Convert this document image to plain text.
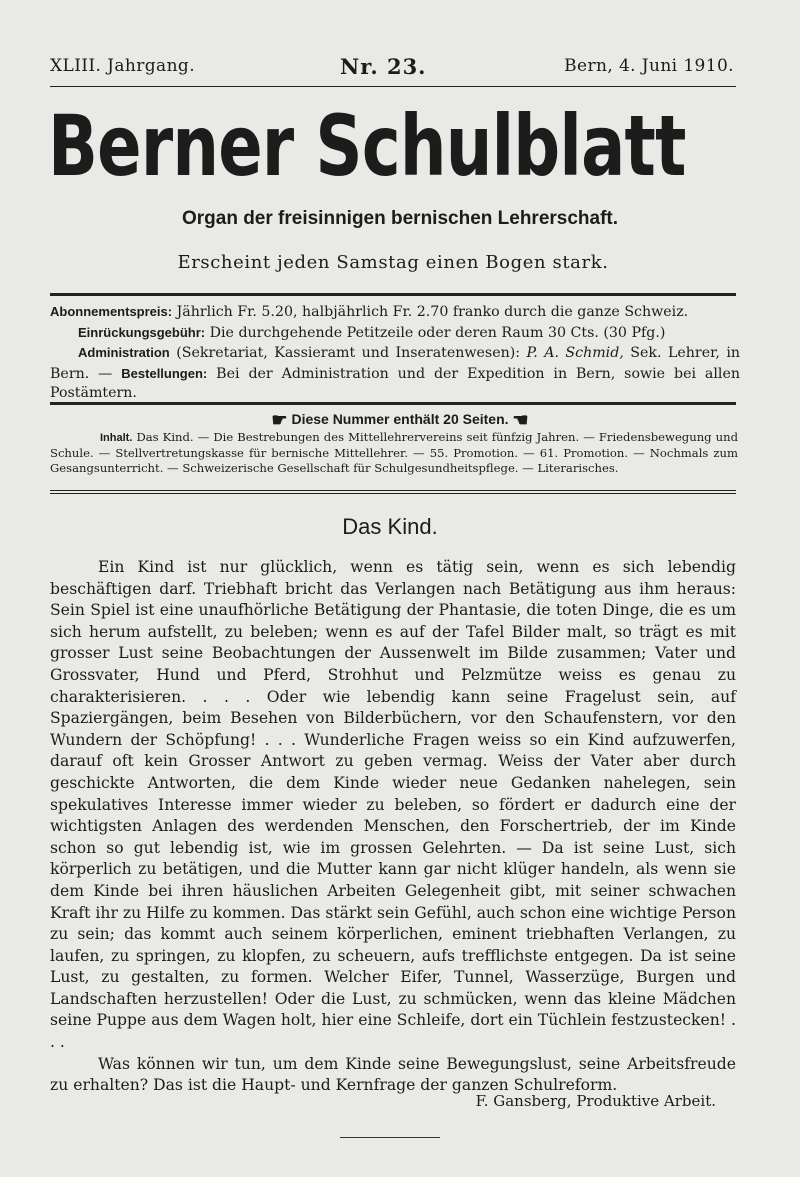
XLIII. Jahrgang.	Nr. 23.	Bern, 4. Juni 1910.
Berner Schulblatt
Organ der freisinnigen bernischen Lehrerschaft.
Erscheint jeden Samstag einen Bogen stark.
Abonnementspreis: Jährlich Fr. 5.20, halbjährlich Fr. 2.70 franko durch die ganze Schweiz.
Einrückungsgebühr: Die durchgehende Petitzeile oder deren Raum 30 Cts. (30 Pfg.)
Administration (Sekretariat, Kassieramt und Inseratenwesen): P. A. Schmid, Sek. Lehrer, in Bern. — Bestellungen: Bei der Administration und der Expedition in Bern, sowie bei allen Postämtern.
☛ Diese Nummer enthält 20 Seiten. ☚
Inhalt. Das Kind. — Die Bestrebungen des Mittellehrervereins seit fünfzig Jahren. — Friedensbewegung und Schule. — Stellvertretungskasse für bernische Mittellehrer. — 55. Promotion. — 61. Promotion. — Nochmals zum Gesangsunterricht. — Schweizerische Gesellschaft für Schulgesundheitspflege. — Literarisches.
Das Kind.

Ein Kind ist nur glücklich, wenn es tätig sein, wenn es sich lebendig beschäftigen darf. Triebhaft bricht das Verlangen nach Betätigung aus ihm heraus: Sein Spiel ist eine unaufhörliche Betätigung der Phantasie, die toten Dinge, die es um sich herum aufstellt, zu beleben; wenn es auf der Tafel Bilder malt, so trägt es mit grosser Lust seine Beobachtungen der Aussenwelt im Bilde zusammen; Vater und Grossvater, Hund und Pferd, Strohhut und Pelzmütze weiss es genau zu charakterisieren. . . . Oder wie lebendig kann seine Fragelust sein, auf Spaziergängen, beim Besehen von Bilderbüchern, vor den Schaufenstern, vor den Wundern der Schöpfung! . . . Wunderliche Fragen weiss so ein Kind aufzuwerfen, darauf oft kein Grosser Antwort zu geben vermag. Weiss der Vater aber durch geschickte Antworten, die dem Kinde wieder neue Gedanken nahelegen, sein spekulatives Interesse immer wieder zu beleben, so fördert er dadurch eine der wichtigsten Anlagen des werdenden Menschen, den Forschertrieb, der im Kinde schon so gut lebendig ist, wie im grossen Gelehrten. — Da ist seine Lust, sich körperlich zu betätigen, und die Mutter kann gar nicht klüger handeln, als wenn sie dem Kinde bei ihren häuslichen Arbeiten Gelegenheit gibt, mit seiner schwachen Kraft ihr zu Hilfe zu kommen. Das stärkt sein Gefühl, auch schon eine wichtige Person zu sein; das kommt auch seinem körperlichen, eminent triebhaften Verlangen, zu laufen, zu springen, zu klopfen, zu scheuern, aufs trefflichste entgegen. Da ist seine Lust, zu gestalten, zu formen. Welcher Eifer, Tunnel, Wasserzüge, Burgen und Landschaften herzustellen! Oder die Lust, zu schmücken, wenn das kleine Mädchen seine Puppe aus dem Wagen holt, hier eine Schleife, dort ein Tüchlein festzustecken! . . .

Was können wir tun, um dem Kinde seine Bewegungslust, seine Arbeitsfreude zu erhalten? Das ist die Haupt- und Kernfrage der ganzen Schulreform.

F. Gansberg, Produktive Arbeit.
